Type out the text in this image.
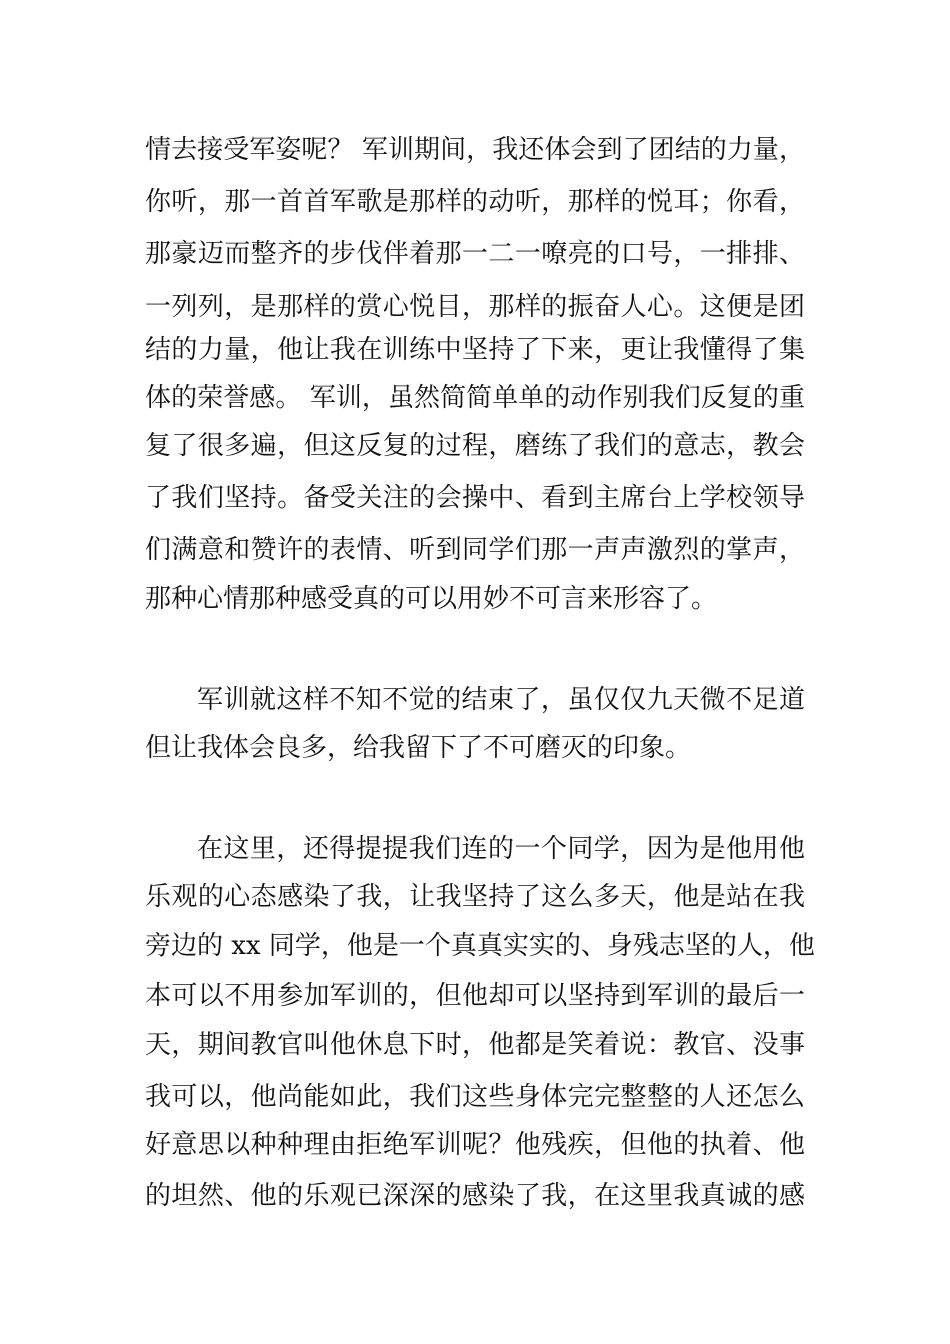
情去接受军姿呢？ 军训期间，我还体会到了团结的力量，
你听，那一首首军歌是那样的动听，那样的悦耳；你看，
那豪迈而整齐的步伐伴着那一二一嘹亮的口号，一排排、
一列列，是那样的赏心悦目，那样的振奋人心。这便是团
结的力量，他让我在训练中坚持了下来，更让我懂得了集
体的荣誉感。 军训，虽然简简单单的动作别我们反复的重
复了很多遍，但这反复的过程，磨练了我们的意志，教会
了我们坚持。备受关注的会操中、看到主席台上学校领导
们满意和赞许的表情、听到同学们那一声声激烈的掌声，
那种心情那种感受真的可以用妙不可言来形容了。
军训就这样不知不觉的结束了，虽仅仅九天微不足道
但让我体会良多，给我留下了不可磨灭的印象。
在这里，还得提提我们连的一个同学，因为是他用他
乐观的心态感染了我，让我坚持了这么多天，他是站在我
旁边的 xx 同学，他是一个真真实实的、身残志坚的人，他
本可以不用参加军训的，但他却可以坚持到军训的最后一
天，期间教官叫他休息下时，他都是笑着说：教官、没事
我可以，他尚能如此，我们这些身体完完整整的人还怎么
好意思以种种理由拒绝军训呢？他残疾，但他的执着、他
的坦然、他的乐观已深深的感染了我，在这里我真诚的感
